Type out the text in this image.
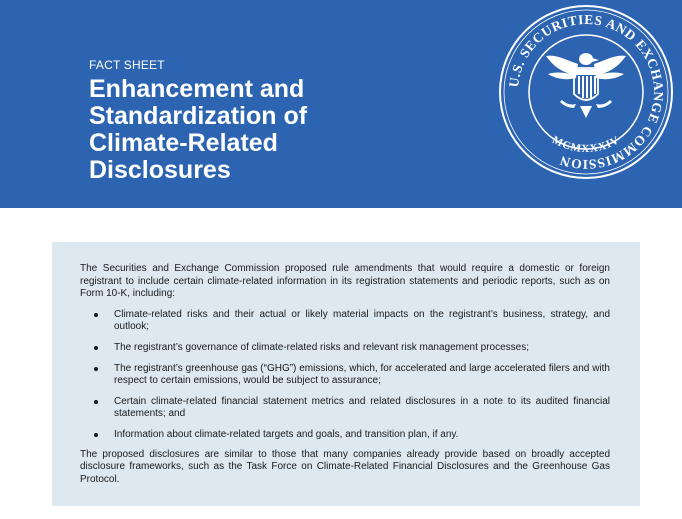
FACT SHEET
Enhancement and
Standardization of
Climate-Related
Disclosures
U.S. SECURITIES AND EXCHANGE COMMISSION
MCMXXXIV

The Securities and Exchange Commission proposed rule amendments that would require a domestic or foreign registrant to include certain climate-related information in its registration statements and periodic reports, such as on Form 10-K, including:

Climate-related risks and their actual or likely material impacts on the registrant’s business, strategy, and outlook;
The registrant’s governance of climate-related risks and relevant risk management processes;
The registrant’s greenhouse gas (“GHG”) emissions, which, for accelerated and large accelerated filers and with respect to certain emissions, would be subject to assurance;
Certain climate-related financial statement metrics and related disclosures in a note to its audited financial statements; and
Information about climate-related targets and goals, and transition plan, if any.

The proposed disclosures are similar to those that many companies already provide based on broadly accepted disclosure frameworks, such as the Task Force on Climate-Related Financial Disclosures and the Greenhouse Gas Protocol.
